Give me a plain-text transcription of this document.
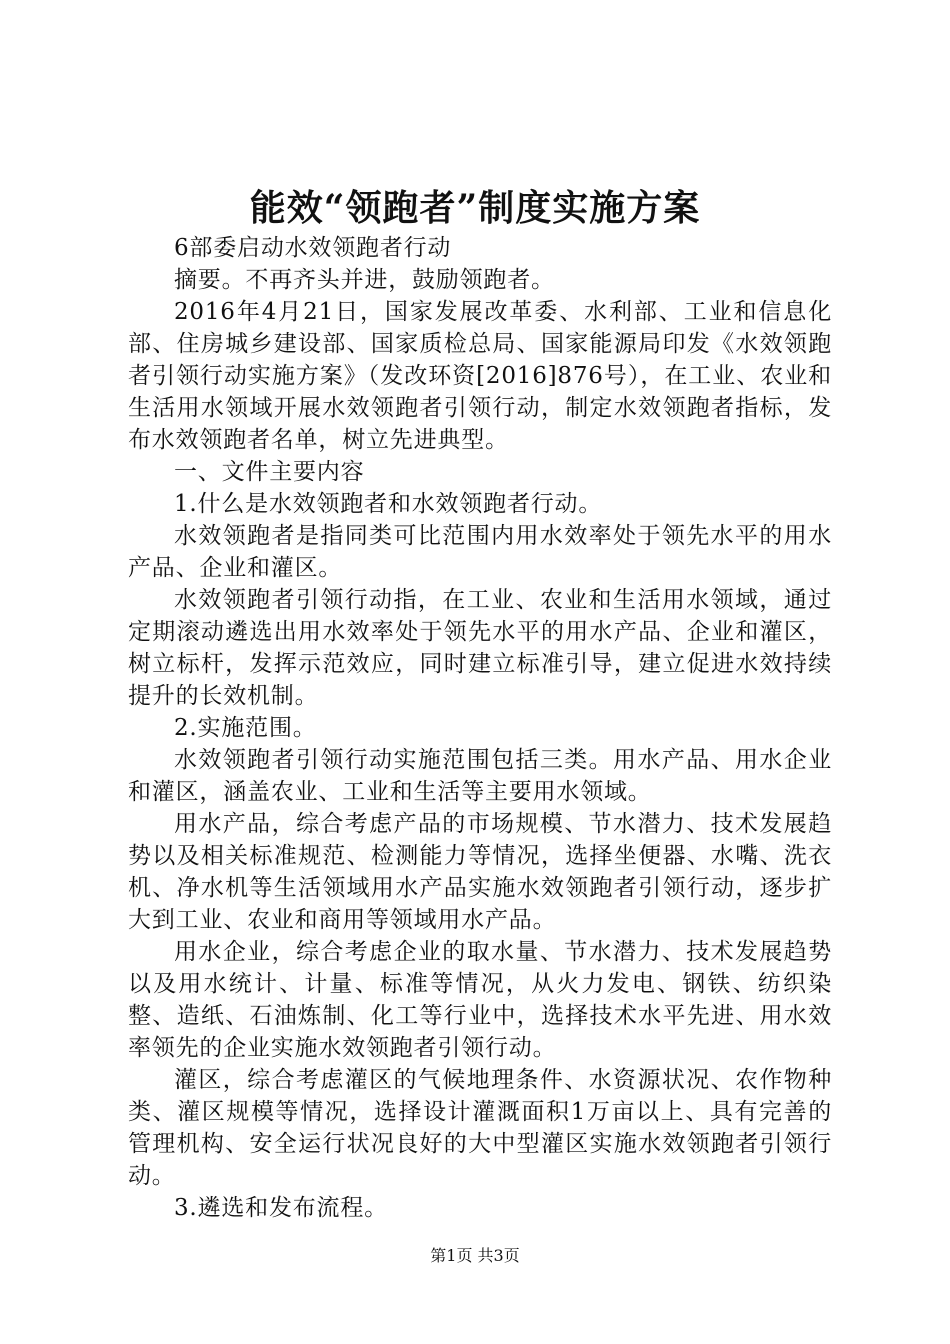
能效“领跑者”制度实施方案

6部委启动水效领跑者行动

摘要。不再齐头并进，鼓励领跑者。

2016年4月21日，国家发展改革委、水利部、工业和信息化部、住房城乡建设部、国家质检总局、国家能源局印发《水效领跑者引领行动实施方案》（发改环资[2016]876号），在工业、农业和生活用水领域开展水效领跑者引领行动，制定水效领跑者指标，发布水效领跑者名单，树立先进典型。

一、文件主要内容

1.什么是水效领跑者和水效领跑者行动。

水效领跑者是指同类可比范围内用水效率处于领先水平的用水产品、企业和灌区。

水效领跑者引领行动指，在工业、农业和生活用水领域，通过定期滚动遴选出用水效率处于领先水平的用水产品、企业和灌区，树立标杆，发挥示范效应，同时建立标准引导，建立促进水效持续提升的长效机制。

2.实施范围。

水效领跑者引领行动实施范围包括三类。用水产品、用水企业和灌区，涵盖农业、工业和生活等主要用水领域。

用水产品，综合考虑产品的市场规模、节水潜力、技术发展趋势以及相关标准规范、检测能力等情况，选择坐便器、水嘴、洗衣机、净水机等生活领域用水产品实施水效领跑者引领行动，逐步扩大到工业、农业和商用等领域用水产品。

用水企业，综合考虑企业的取水量、节水潜力、技术发展趋势以及用水统计、计量、标准等情况，从火力发电、钢铁、纺织染整、造纸、石油炼制、化工等行业中，选择技术水平先进、用水效率领先的企业实施水效领跑者引领行动。

灌区，综合考虑灌区的气候地理条件、水资源状况、农作物种类、灌区规模等情况，选择设计灌溉面积1万亩以上、具有完善的管理机构、安全运行状况良好的大中型灌区实施水效领跑者引领行动。

3.遴选和发布流程。

第1页 共3页
